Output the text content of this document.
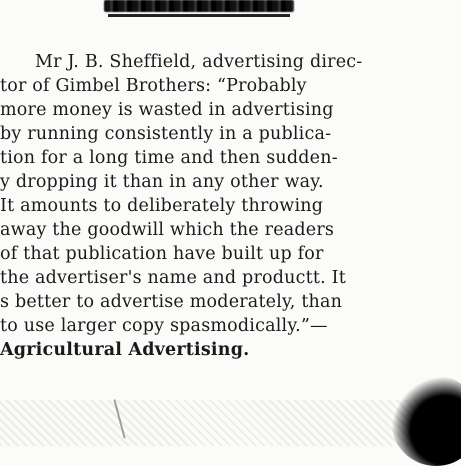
Mr J. B. Sheffield, advertising direc-
tor of Gimbel Brothers: “Probably
more money is wasted in advertising
by running consistently in a publica-
tion for a long time and then sudden-
y dropping it than in any other way.
It amounts to deliberately throwing
away the goodwill which the readers
of that publication have built up for
the advertiser's name and productt. It
s better to advertise moderately, than
to use larger copy spasmodically.”—
Agricultural Advertising.
